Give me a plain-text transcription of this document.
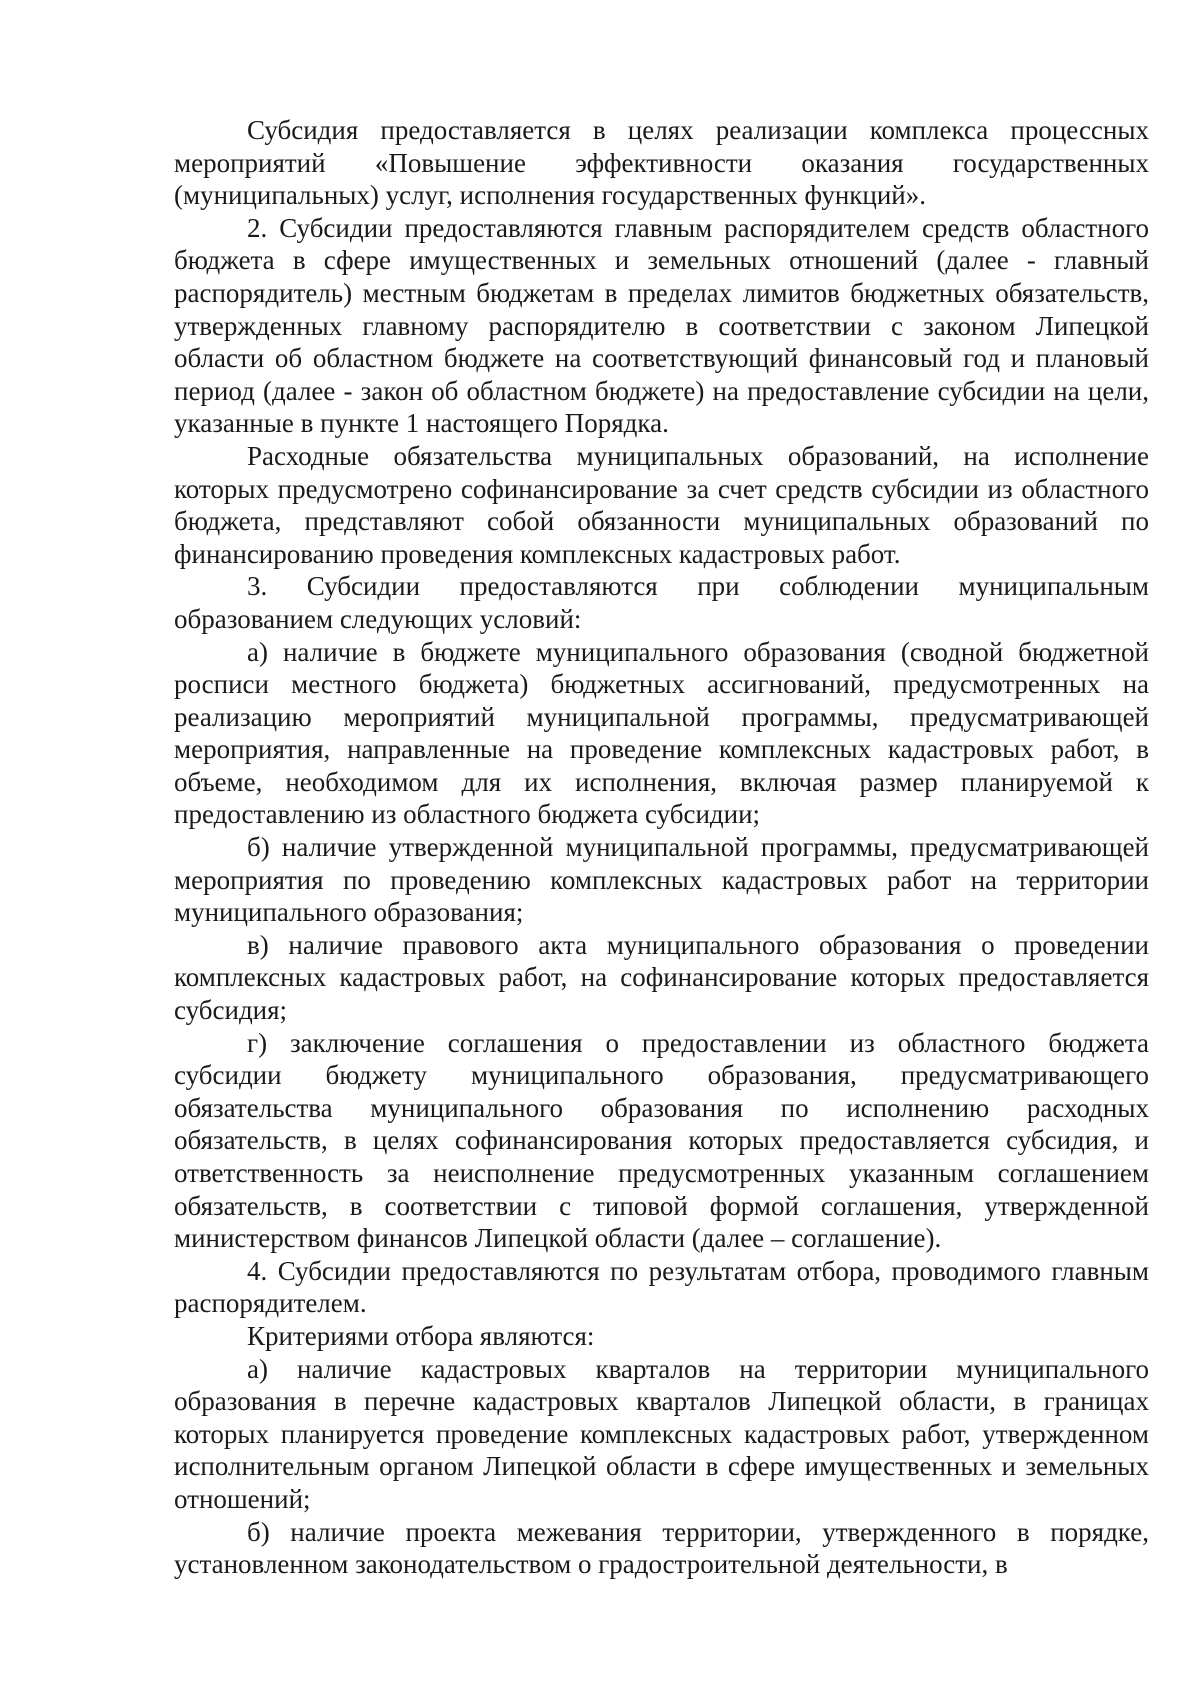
Субсидия предоставляется в целях реализации комплекса процессных мероприятий «Повышение эффективности оказания государственных (муниципальных) услуг, исполнения государственных функций».

2. Субсидии предоставляются главным распорядителем средств областного бюджета в сфере имущественных и земельных отношений (далее - главный распорядитель) местным бюджетам в пределах лимитов бюджетных обязательств, утвержденных главному распорядителю в соответствии с законом Липецкой области об областном бюджете на соответствующий финансовый год и плановый период (далее - закон об областном бюджете) на предоставление субсидии на цели, указанные в пункте 1 настоящего Порядка.

Расходные обязательства муниципальных образований, на исполнение которых предусмотрено софинансирование за счет средств субсидии из областного бюджета, представляют собой обязанности муниципальных образований по финансированию проведения комплексных кадастровых работ.

3. Субсидии предоставляются при соблюдении муниципальным образованием следующих условий:

а) наличие в бюджете муниципального образования (сводной бюджетной росписи местного бюджета) бюджетных ассигнований, предусмотренных на реализацию мероприятий муниципальной программы, предусматривающей мероприятия, направленные на проведение комплексных кадастровых работ, в объеме, необходимом для их исполнения, включая размер планируемой к предоставлению из областного бюджета субсидии;

б) наличие утвержденной муниципальной программы, предусматривающей мероприятия по проведению комплексных кадастровых работ на территории муниципального образования;

в) наличие правового акта муниципального образования о проведении комплексных кадастровых работ, на софинансирование которых предоставляется субсидия;

г) заключение соглашения о предоставлении из областного бюджета субсидии бюджету муниципального образования, предусматривающего обязательства муниципального образования по исполнению расходных обязательств, в целях софинансирования которых предоставляется субсидия, и ответственность за неисполнение предусмотренных указанным соглашением обязательств, в соответствии с типовой формой соглашения, утвержденной министерством финансов Липецкой области (далее – соглашение).

4. Субсидии предоставляются по результатам отбора, проводимого главным распорядителем.

Критериями отбора являются:

а) наличие кадастровых кварталов на территории муниципального образования в перечне кадастровых кварталов Липецкой области, в границах которых планируется проведение комплексных кадастровых работ, утвержденном исполнительным органом Липецкой области в сфере имущественных и земельных отношений;

б) наличие проекта межевания территории, утвержденного в порядке, установленном законодательством о градостроительной деятельности, в
